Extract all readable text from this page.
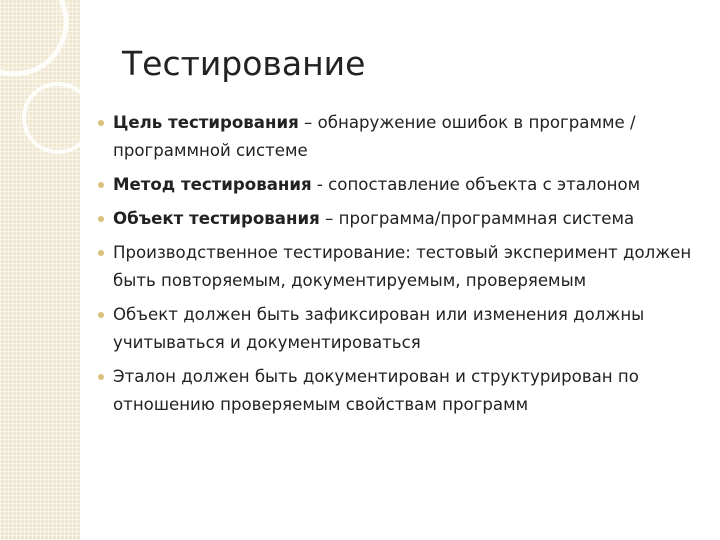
Тестирование
Цель тестирования – обнаружение ошибок в программе /программной системе
Метод тестирования - сопоставление объекта с эталоном
Объект тестирования – программа/программная система
Производственное тестирование: тестовый эксперимент должен быть повторяемым, документируемым, проверяемым
Объект должен быть зафиксирован или изменения должны учитываться и документироваться
Эталон должен быть документирован и структурирован по отношению проверяемым свойствам программ
